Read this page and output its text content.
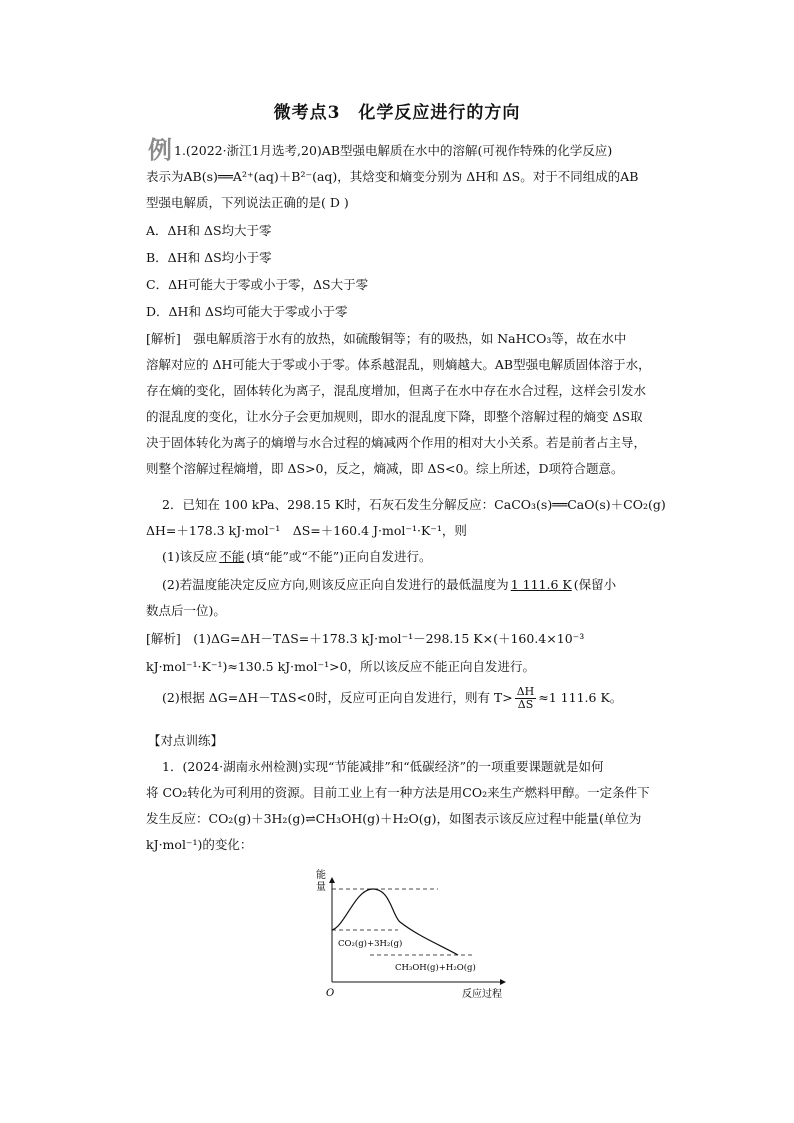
微考点3　化学反应进行的方向
例 1.(2022·浙江1月选考,20)AB型强电解质在水中的溶解(可视作特殊的化学反应)
表示为AB(s)══A²⁺(aq)＋B²⁻(aq)，其焓变和熵变分别为 ΔH和 ΔS。对于不同组成的AB
型强电解质，下列说法正确的是( D )
A．ΔH和 ΔS均大于零
B．ΔH和 ΔS均小于零
C．ΔH可能大于零或小于零，ΔS大于零
D．ΔH和 ΔS均可能大于零或小于零
[解析]　强电解质溶于水有的放热，如硫酸铜等；有的吸热，如 NaHCO₃等，故在水中
溶解对应的 ΔH可能大于零或小于零。体系越混乱，则熵越大。AB型强电解质固体溶于水，
存在熵的变化，固体转化为离子，混乱度增加，但离子在水中存在水合过程，这样会引发水
的混乱度的变化，让水分子会更加规则，即水的混乱度下降，即整个溶解过程的熵变 ΔS取
决于固体转化为离子的熵增与水合过程的熵减两个作用的相对大小关系。若是前者占主导，
则整个溶解过程熵增，即 ΔS>0，反之，熵减，即 ΔS<0。综上所述，D项符合题意。
2．已知在 100 kPa、298.15 K时，石灰石发生分解反应：CaCO₃(s)══CaO(s)＋CO₂(g)
ΔH=＋178.3 kJ·mol⁻¹　ΔS=＋160.4 J·mol⁻¹·K⁻¹，则
(1)该反应 不能 (填“能”或“不能”)正向自发进行。
(2)若温度能决定反应方向,则该反应正向自发进行的最低温度为 1 111.6 K (保留小
数点后一位)。
[解析]　(1)ΔG=ΔH－TΔS=＋178.3 kJ·mol⁻¹－298.15 K×(＋160.4×10⁻³
kJ·mol⁻¹·K⁻¹)≈130.5 kJ·mol⁻¹>0，所以该反应不能正向自发进行。
(2)根据 ΔG=ΔH－TΔS<0时，反应可正向自发进行，则有 $T> \frac{\Delta H}{\Delta S} \approx 1$ 111.6 K。
【对点训练】
1．(2024·湖南永州检测)实现“节能减排”和“低碳经济”的一项重要课题就是如何
将 CO₂转化为可利用的资源。目前工业上有一种方法是用CO₂来生产燃料甲醇。一定条件下
发生反应：CO₂(g)＋3H₂(g)⇌CH₃OH(g)＋H₂O(g)，如图表示该反应过程中能量(单位为
kJ·mol⁻¹)的变化：
能
量
O	反应过程
CO₂(g)+3H₂(g)
CH₃OH(g)+H₂O(g)
